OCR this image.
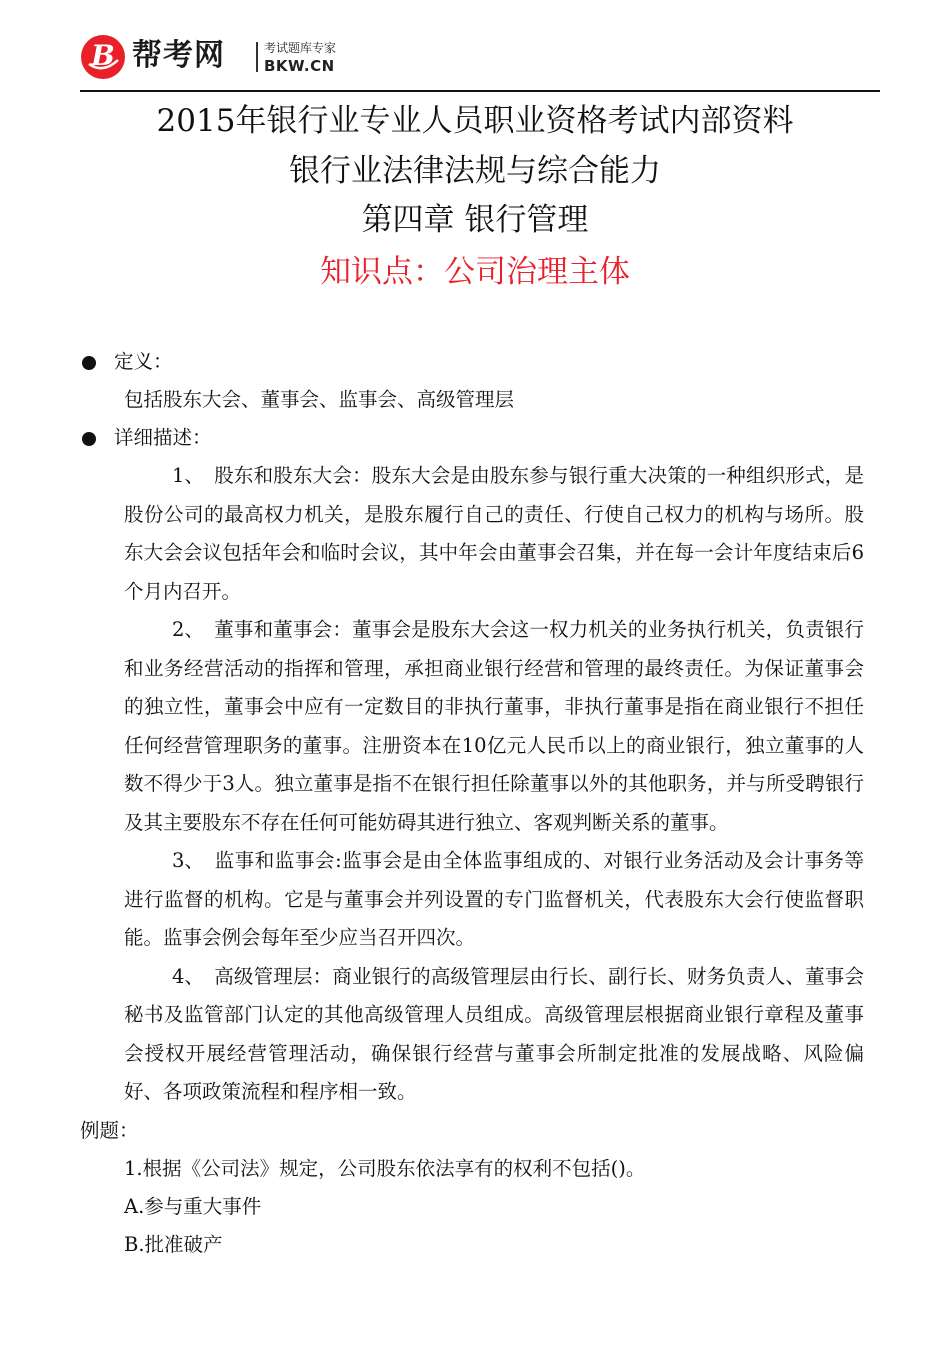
B 帮考网	考试题库专家
BKW.CN
2015年银行业专业人员职业资格考试内部资料
银行业法律法规与综合能力
第四章 银行管理
知识点：公司治理主体
定义：
包括股东大会、董事会、监事会、高级管理层
详细描述：

1、 股东和股东大会：股东大会是由股东参与银行重大决策的一种组织形式，是股份公司的最高权力机关，是股东履行自己的责任、行使自己权力的机构与场所。股东大会会议包括年会和临时会议，其中年会由董事会召集，并在每一会计年度结束后6个月内召开。

2、 董事和董事会：董事会是股东大会这一权力机关的业务执行机关，负责银行和业务经营活动的指挥和管理，承担商业银行经营和管理的最终责任。为保证董事会的独立性，董事会中应有一定数目的非执行董事，非执行董事是指在商业银行不担任任何经营管理职务的董事。注册资本在10亿元人民币以上的商业银行，独立董事的人数不得少于3人。独立董事是指不在银行担任除董事以外的其他职务，并与所受聘银行及其主要股东不存在任何可能妨碍其进行独立、客观判断关系的董事。

3、 监事和监事会:监事会是由全体监事组成的、对银行业务活动及会计事务等进行监督的机构。它是与董事会并列设置的专门监督机关，代表股东大会行使监督职能。监事会例会每年至少应当召开四次。

4、 高级管理层：商业银行的高级管理层由行长、副行长、财务负责人、董事会秘书及监管部门认定的其他高级管理人员组成。高级管理层根据商业银行章程及董事会授权开展经营管理活动，确保银行经营与董事会所制定批准的发展战略、风险偏好、各项政策流程和程序相一致。

例题：
1.根据《公司法》规定，公司股东依法享有的权利不包括()。
A.参与重大事件
B.批准破产
